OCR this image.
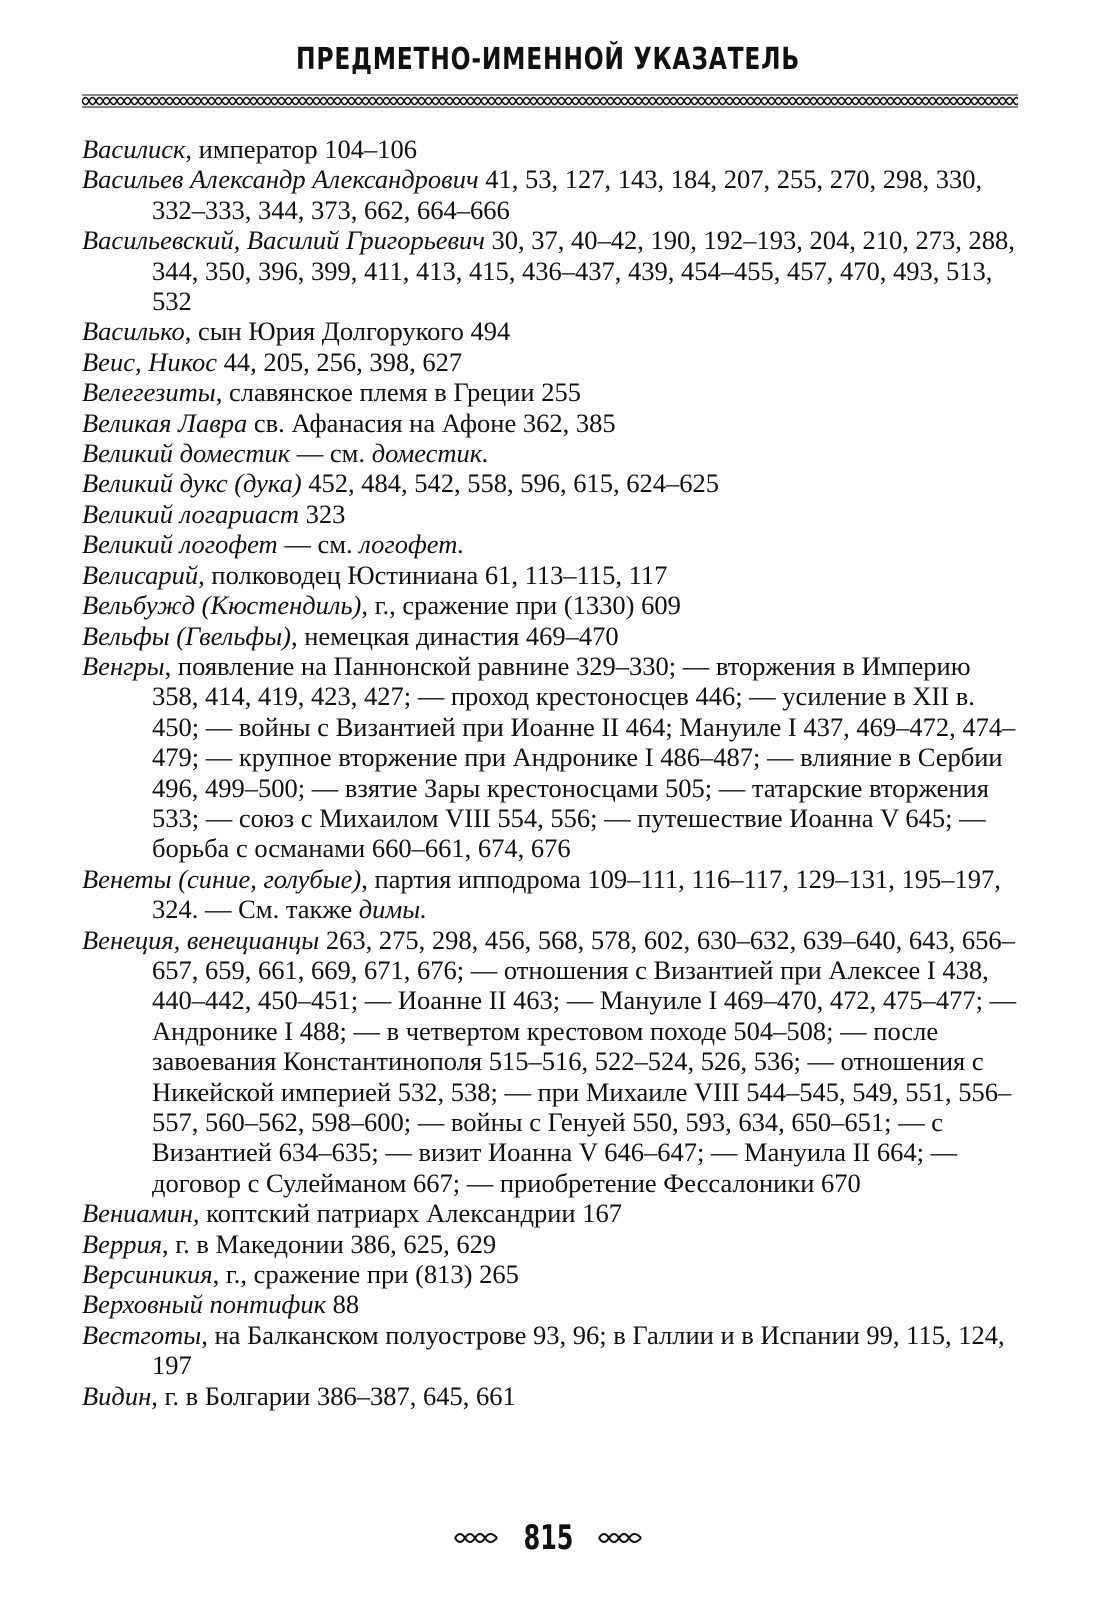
ПРЕДМЕТНО-ИМЕННОЙ УКАЗАТЕЛЬ
Василиск, император 104–106
Васильев Александр Александрович 41, 53, 127, 143, 184, 207, 255, 270, 298, 330, 332–333, 344, 373, 662, 664–666
Васильевский, Василий Григорьевич 30, 37, 40–42, 190, 192–193, 204, 210, 273, 288, 344, 350, 396, 399, 411, 413, 415, 436–437, 439, 454–455, 457, 470, 493, 513, 532
Василько, сын Юрия Долгорукого 494
Веис, Никос 44, 205, 256, 398, 627
Велегезиты, славянское племя в Греции 255
Великая Лавра св. Афанасия на Афоне 362, 385
Великий доместик — см. доместик.
Великий дукс (дука) 452, 484, 542, 558, 596, 615, 624–625
Великий логариаст 323
Великий логофет — см. логофет.
Велисарий, полководец Юстиниана 61, 113–115, 117
Вельбужд (Кюстендиль), г., сражение при (1330) 609
Вельфы (Гвельфы), немецкая династия 469–470
Венгры, появление на Паннонской равнине 329–330; — вторжения в Империю 358, 414, 419, 423, 427; — проход крестоносцев 446; — усиление в XII в. 450; — войны с Византией при Иоанне II 464; Мануиле I 437, 469–472, 474–479; — крупное вторжение при Андронике I 486–487; — влияние в Сербии 496, 499–500; — взятие Зары крестоносцами 505; — татарские вторжения 533; — союз с Михаилом VIII 554, 556; — путешествие Иоанна V 645; — борьба с османами 660–661, 674, 676
Венеты (синие, голубые), партия ипподрома 109–111, 116–117, 129–131, 195–197, 324. — См. также димы.
Венеция, венецианцы 263, 275, 298, 456, 568, 578, 602, 630–632, 639–640, 643, 656–657, 659, 661, 669, 671, 676; — отношения с Византией при Алексее I 438, 440–442, 450–451; — Иоанне II 463; — Мануиле I 469–470, 472, 475–477; — Андронике I 488; — в четвертом крестовом походе 504–508; — после завоевания Константинополя 515–516, 522–524, 526, 536; — отношения с Никейской империей 532, 538; — при Михаиле VIII 544–545, 549, 551, 556–557, 560–562, 598–600; — войны с Генуей 550, 593, 634, 650–651; — с Византией 634–635; — визит Иоанна V 646–647; — Мануила II 664; — договор с Сулейманом 667; — приобретение Фессалоники 670
Вениамин, коптский патриарх Александрии 167
Веррия, г. в Македонии 386, 625, 629
Версиникия, г., сражение при (813) 265
Верховный понтифик 88
Вестготы, на Балканском полуострове 93, 96; в Галлии и в Испании 99, 115, 124, 197
Видин, г. в Болгарии 386–387, 645, 661
815
